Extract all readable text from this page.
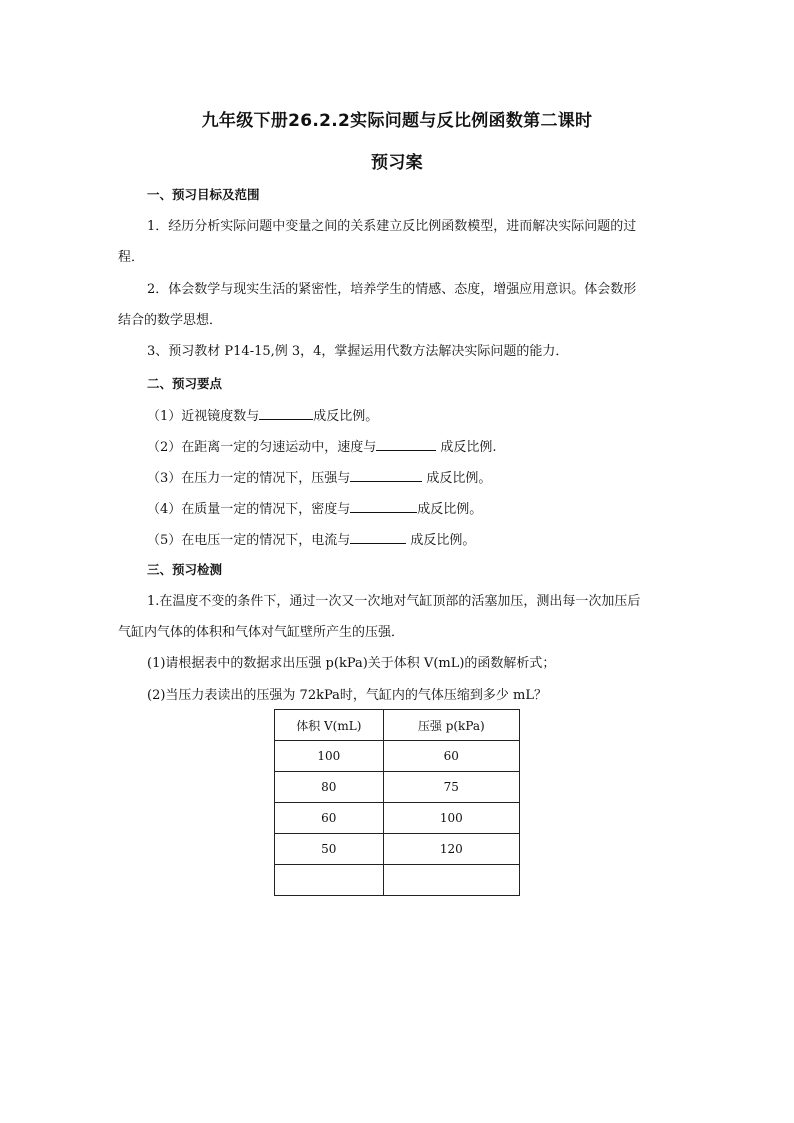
九年级下册26.2.2实际问题与反比例函数第二课时
预习案
一、预习目标及范围
1．经历分析实际问题中变量之间的关系建立反比例函数模型，进而解决实际问题的过
程．
2．体会数学与现实生活的紧密性，培养学生的情感、态度，增强应用意识。体会数形
结合的数学思想．
3、预习教材 P14-15,例 3，4，掌握运用代数方法解决实际问题的能力．
二、预习要点
（1）近视镜度数与	成反比例。
（2）在距离一定的匀速运动中，速度与	成反比例.
（3）在压力一定的情况下，压强与	成反比例。
（4）在质量一定的情况下，密度与	成反比例。
（5）在电压一定的情况下，电流与	成反比例。
三、预习检测
1.在温度不变的条件下，通过一次又一次地对气缸顶部的活塞加压，测出每一次加压后
气缸内气体的体积和气体对气缸壁所产生的压强．
(1)请根据表中的数据求出压强 p(kPa)关于体积 V(mL)的函数解析式；
(2)当压力表读出的压强为 72kPa时，气缸内的气体压缩到多少 mL？
体积 V(mL)	压强 p(kPa)
100	60
80	75
60	100
50	120
